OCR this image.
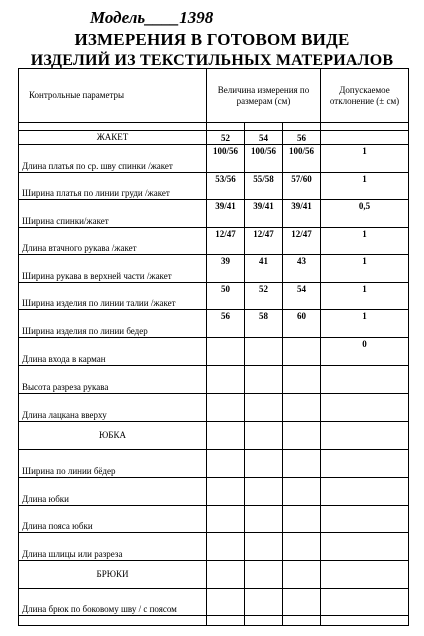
Модель____1398
ИЗМЕРЕНИЯ В ГОТОВОМ ВИДЕ
ИЗДЕЛИЙ ИЗ ТЕКСТИЛЬНЫХ МАТЕРИАЛОВ
Контрольные параметры	Величина измерения по размерам (см)			Допускаемое отклонение (± см)

ЖАКЕТ	52	54	56	
Длина платья по ср. шву спинки /жакет	100/56	100/56	100/56	1
Ширина платья по линии груди /жакет	53/56	55/58	57/60	1
Ширина спинки/жакет	39/41	39/41	39/41	0,5
Длина втачного рукава /жакет	12/47	12/47	12/47	1
Ширина рукава в верхней части /жакет	39	41	43	1
Ширина изделия по линии талии /жакет	50	52	54	1
Ширина изделия по линии бедер	56	58	60	1
Длина входа в карман				0
Высота разреза рукава				
Длина лацкана вверху				
ЮБКА				
Ширина по линии бёдер				
Длина юбки				
Длина пояса юбки				
Длина шлицы или разреза				
БРЮКИ				
Длина брюк по боковому шву / с поясом				
